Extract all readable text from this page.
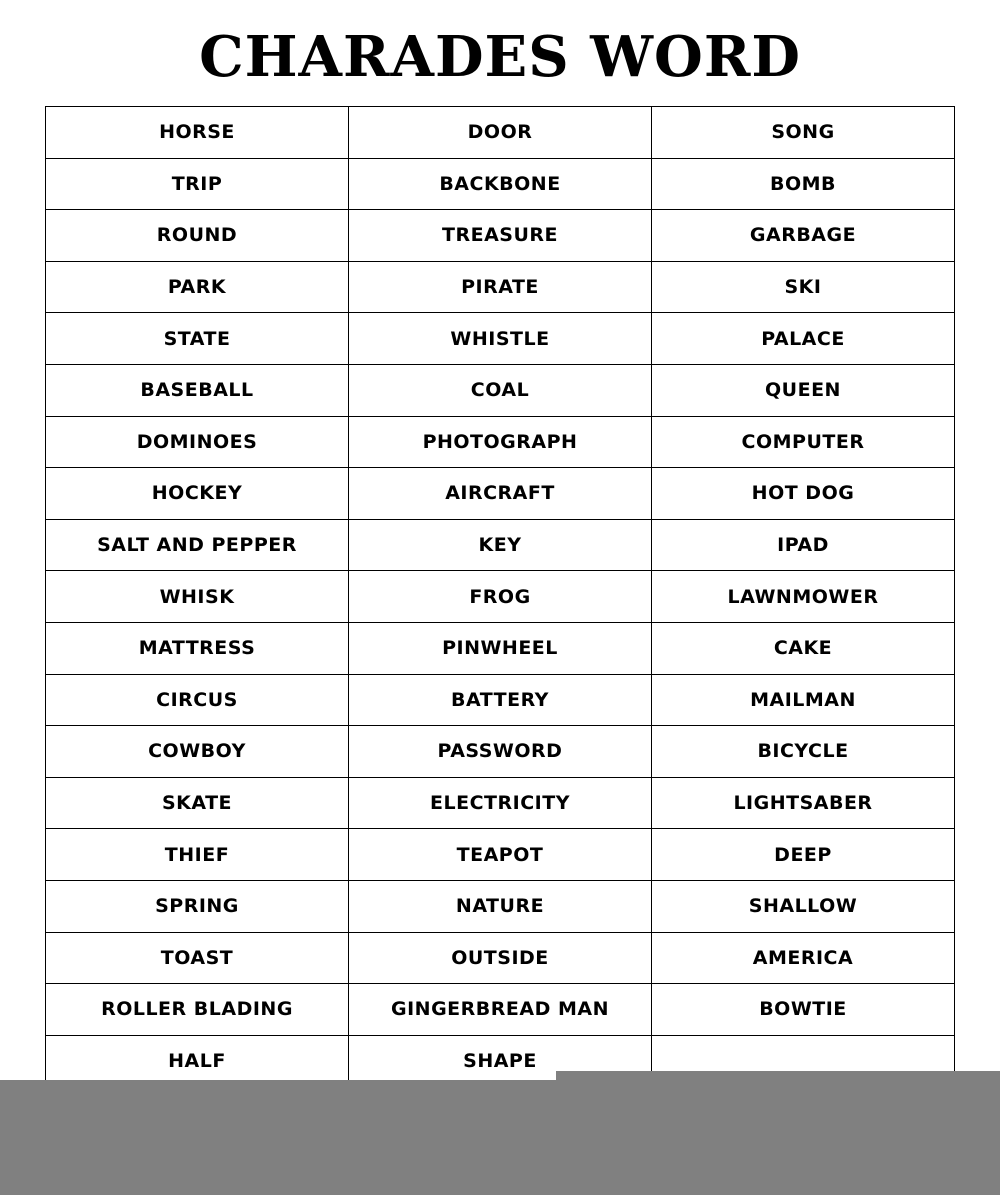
CHARADES WORD
HORSE	DOOR	SONG
TRIP	BACKBONE	BOMB
ROUND	TREASURE	GARBAGE
PARK	PIRATE	SKI
STATE	WHISTLE	PALACE
BASEBALL	COAL	QUEEN
DOMINOES	PHOTOGRAPH	COMPUTER
HOCKEY	AIRCRAFT	HOT DOG
SALT AND PEPPER	KEY	IPAD
WHISK	FROG	LAWNMOWER
MATTRESS	PINWHEEL	CAKE
CIRCUS	BATTERY	MAILMAN
COWBOY	PASSWORD	BICYCLE
SKATE	ELECTRICITY	LIGHTSABER
THIEF	TEAPOT	DEEP
SPRING	NATURE	SHALLOW
TOAST	OUTSIDE	AMERICA
ROLLER BLADING	GINGERBREAD MAN	BOWTIE
HALF	SHAPE	
